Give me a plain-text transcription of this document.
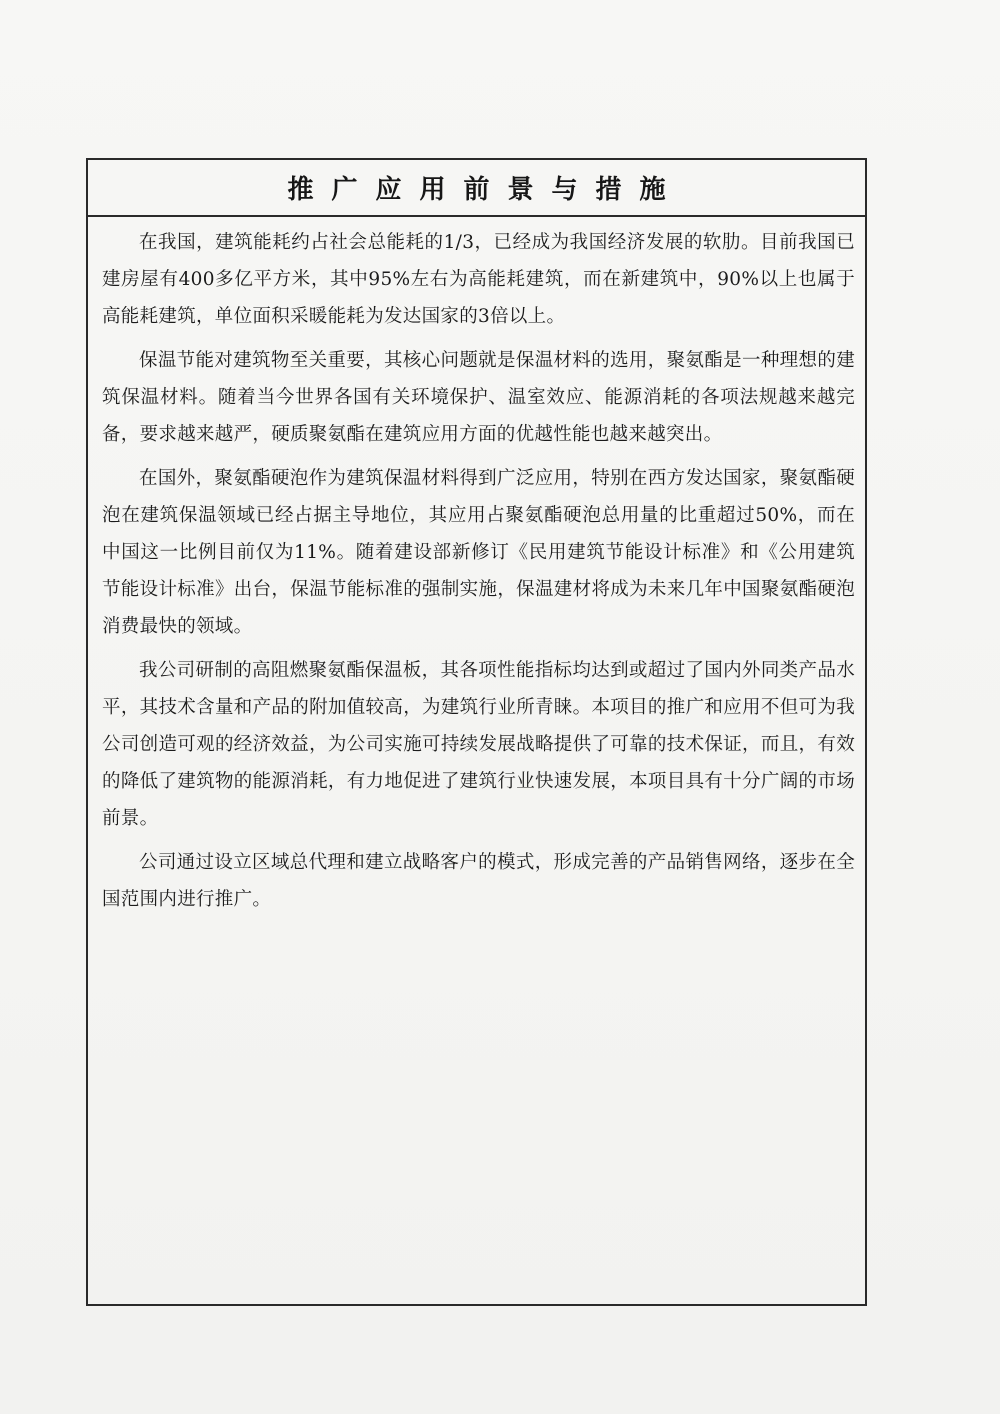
推广应用前景与措施

在我国，建筑能耗约占社会总能耗的1/3，已经成为我国经济发展的软肋。目前我国已建房屋有400多亿平方米，其中95%左右为高能耗建筑，而在新建筑中，90%以上也属于高能耗建筑，单位面积采暖能耗为发达国家的3倍以上。

保温节能对建筑物至关重要，其核心问题就是保温材料的选用，聚氨酯是一种理想的建筑保温材料。随着当今世界各国有关环境保护、温室效应、能源消耗的各项法规越来越完备，要求越来越严，硬质聚氨酯在建筑应用方面的优越性能也越来越突出。

在国外，聚氨酯硬泡作为建筑保温材料得到广泛应用，特别在西方发达国家，聚氨酯硬泡在建筑保温领域已经占据主导地位，其应用占聚氨酯硬泡总用量的比重超过50%，而在中国这一比例目前仅为11%。随着建设部新修订《民用建筑节能设计标准》和《公用建筑节能设计标准》出台，保温节能标准的强制实施，保温建材将成为未来几年中国聚氨酯硬泡消费最快的领域。

我公司研制的高阻燃聚氨酯保温板，其各项性能指标均达到或超过了国内外同类产品水平，其技术含量和产品的附加值较高，为建筑行业所青睐。本项目的推广和应用不但可为我公司创造可观的经济效益，为公司实施可持续发展战略提供了可靠的技术保证，而且，有效的降低了建筑物的能源消耗，有力地促进了建筑行业快速发展，本项目具有十分广阔的市场前景。

公司通过设立区域总代理和建立战略客户的模式，形成完善的产品销售网络，逐步在全国范围内进行推广。
